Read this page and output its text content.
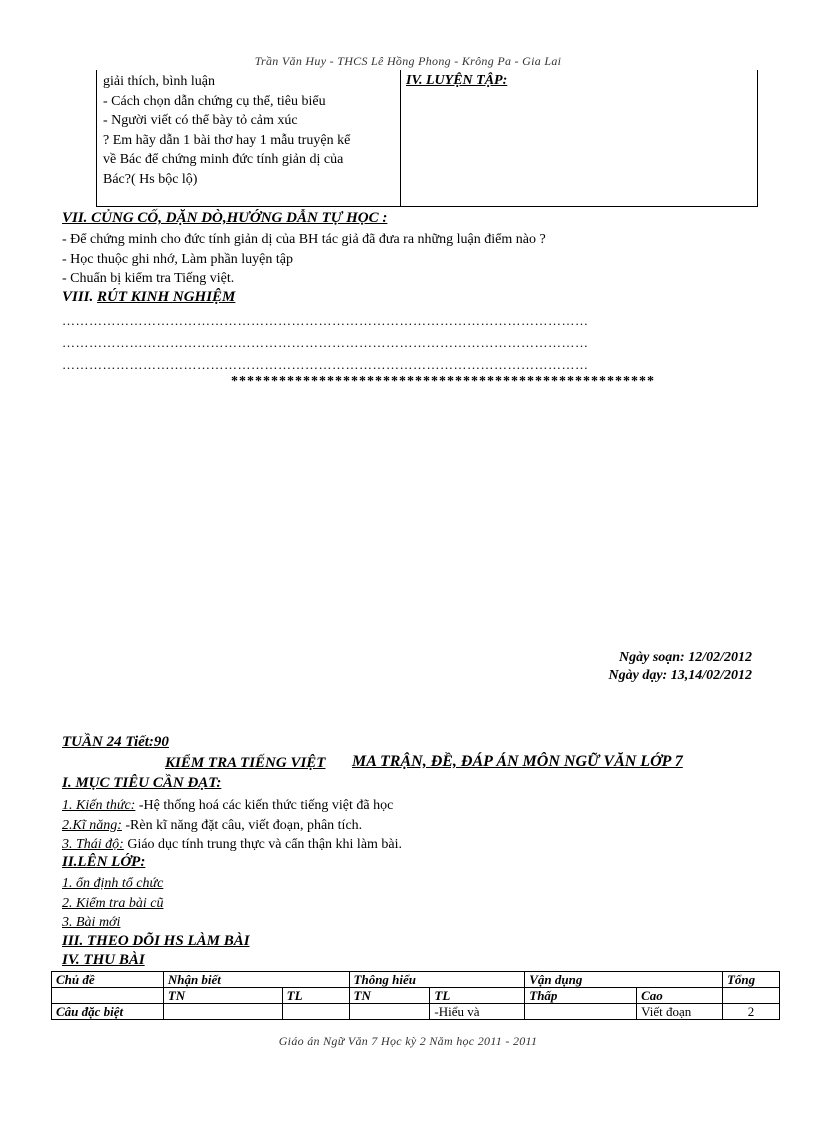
Trần Văn Huy - THCS Lê Hồng Phong - Krông Pa - Gia Lai
giải thích, bình luận
- Cách chọn dẫn chứng cụ thể, tiêu biểu
- Người viết có thể bày tỏ cảm xúc
? Em hãy dẫn 1 bài thơ hay 1 mẫu truyện kể
về Bác để chứng minh đức tính giản dị của
Bác?( Hs bộc lộ)
IV. LUYỆN TẬP:
VII. CỦNG CỐ, DẶN DÒ,HƯỚNG DẪN TỰ HỌC :
- Để chứng minh cho đức tính giản dị của BH tác giả đã đưa ra những luận điểm nào ?
- Học thuộc ghi nhớ, Làm phần luyện tập
- Chuẩn bị kiểm tra Tiếng việt.
VIII. RÚT KINH NGHIỆM
………………………………………………………………………………………………………
………………………………………………………………………………………………………
………………………………………………………………………………………………………
*****************************************************
Ngày soạn: 12/02/2012
Ngày dạy: 13,14/02/2012
TUẦN 24 Tiết:90
KIỂM TRA TIẾNG VIỆT MA TRẬN, ĐỀ, ĐÁP ÁN MÔN NGỮ VĂN LỚP 7
I. MỤC TIÊU CẦN ĐẠT:
1. Kiến thức: -Hệ thống hoá các kiến thức tiếng việt đã học
2.Kĩ năng: -Rèn kĩ năng đặt câu, viết đoạn, phân tích.
3. Thái độ: Giáo dục tính trung thực và cẩn thận khi làm bài.
II.LÊN LỚP:
1. ổn định tổ chức
2. Kiểm tra bài cũ
3. Bài mới
III. THEO DÕI HS LÀM BÀI
IV. THU BÀI
Chủ đề	Nhận biết		Thông hiểu		Vận dụng		Tổng
	TN	TL	TN	TL	Thấp	Cao	
Câu đặc biệt				-Hiểu và		Viết đoạn	2
Giáo án Ngữ Văn 7 Học kỳ 2 Năm học 2011 - 2011
